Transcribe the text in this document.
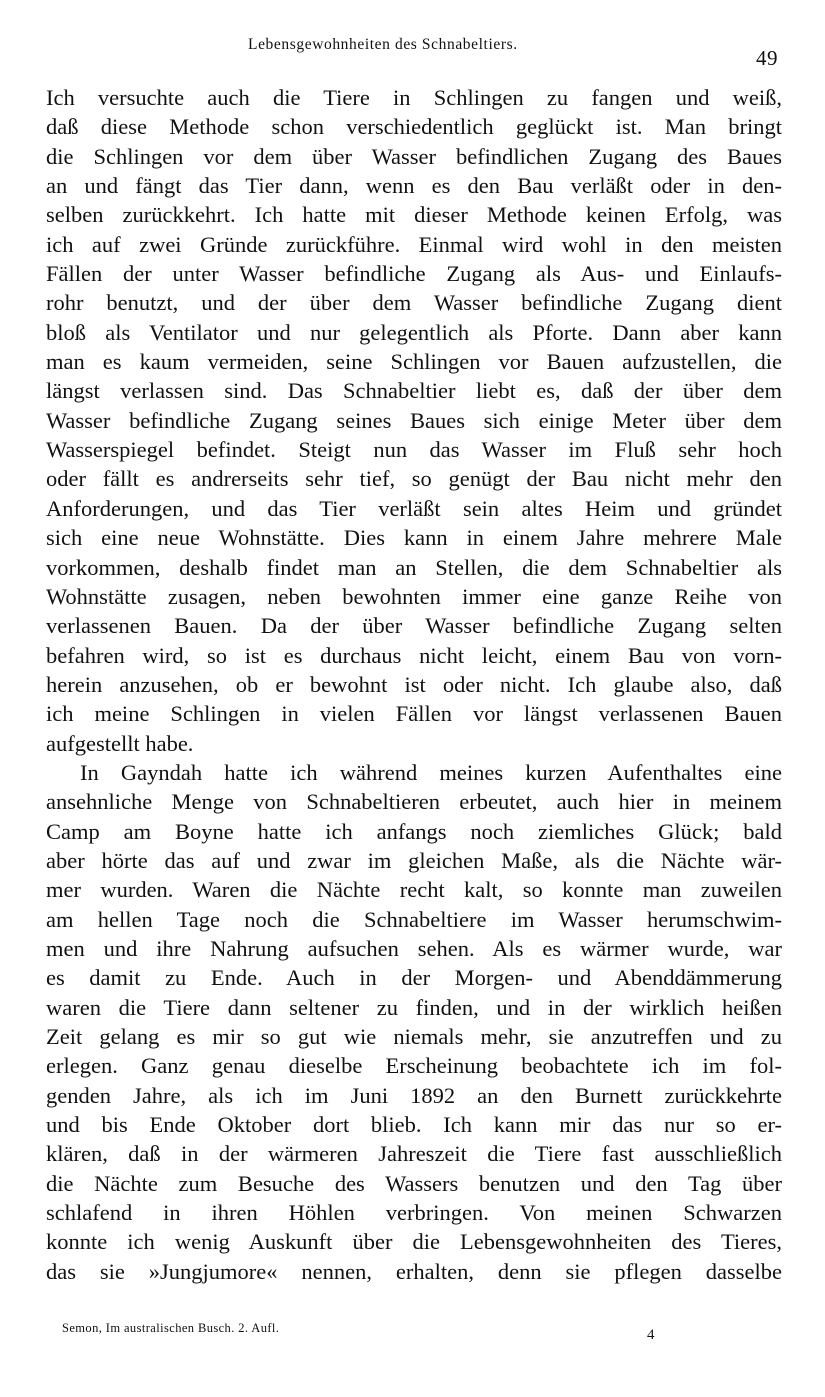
Lebensgewohnheiten des Schnabeltiers.
49
Ich versuchte auch die Tiere in Schlingen zu fangen und weiß,
daß diese Methode schon verschiedentlich geglückt ist. Man bringt
die Schlingen vor dem über Wasser befindlichen Zugang des Baues
an und fängt das Tier dann, wenn es den Bau verläßt oder in den-
selben zurückkehrt. Ich hatte mit dieser Methode keinen Erfolg, was
ich auf zwei Gründe zurückführe. Einmal wird wohl in den meisten
Fällen der unter Wasser befindliche Zugang als Aus- und Einlaufs-
rohr benutzt, und der über dem Wasser befindliche Zugang dient
bloß als Ventilator und nur gelegentlich als Pforte. Dann aber kann
man es kaum vermeiden, seine Schlingen vor Bauen aufzustellen, die
längst verlassen sind. Das Schnabeltier liebt es, daß der über dem
Wasser befindliche Zugang seines Baues sich einige Meter über dem
Wasserspiegel befindet. Steigt nun das Wasser im Fluß sehr hoch
oder fällt es andrerseits sehr tief, so genügt der Bau nicht mehr den
Anforderungen, und das Tier verläßt sein altes Heim und gründet
sich eine neue Wohnstätte. Dies kann in einem Jahre mehrere Male
vorkommen, deshalb findet man an Stellen, die dem Schnabeltier als
Wohnstätte zusagen, neben bewohnten immer eine ganze Reihe von
verlassenen Bauen. Da der über Wasser befindliche Zugang selten
befahren wird, so ist es durchaus nicht leicht, einem Bau von vorn-
herein anzusehen, ob er bewohnt ist oder nicht. Ich glaube also, daß
ich meine Schlingen in vielen Fällen vor längst verlassenen Bauen
aufgestellt habe.
In Gayndah hatte ich während meines kurzen Aufenthaltes eine
ansehnliche Menge von Schnabeltieren erbeutet, auch hier in meinem
Camp am Boyne hatte ich anfangs noch ziemliches Glück; bald
aber hörte das auf und zwar im gleichen Maße, als die Nächte wär-
mer wurden. Waren die Nächte recht kalt, so konnte man zuweilen
am hellen Tage noch die Schnabeltiere im Wasser herumschwim-
men und ihre Nahrung aufsuchen sehen. Als es wärmer wurde, war
es damit zu Ende. Auch in der Morgen- und Abenddämmerung
waren die Tiere dann seltener zu finden, und in der wirklich heißen
Zeit gelang es mir so gut wie niemals mehr, sie anzutreffen und zu
erlegen. Ganz genau dieselbe Erscheinung beobachtete ich im fol-
genden Jahre, als ich im Juni 1892 an den Burnett zurückkehrte
und bis Ende Oktober dort blieb. Ich kann mir das nur so er-
klären, daß in der wärmeren Jahreszeit die Tiere fast ausschließlich
die Nächte zum Besuche des Wassers benutzen und den Tag über
schlafend in ihren Höhlen verbringen. Von meinen Schwarzen
konnte ich wenig Auskunft über die Lebensgewohnheiten des Tieres,
das sie »Jungjumore« nennen, erhalten, denn sie pflegen dasselbe
Semon, Im australischen Busch. 2. Aufl.	4
